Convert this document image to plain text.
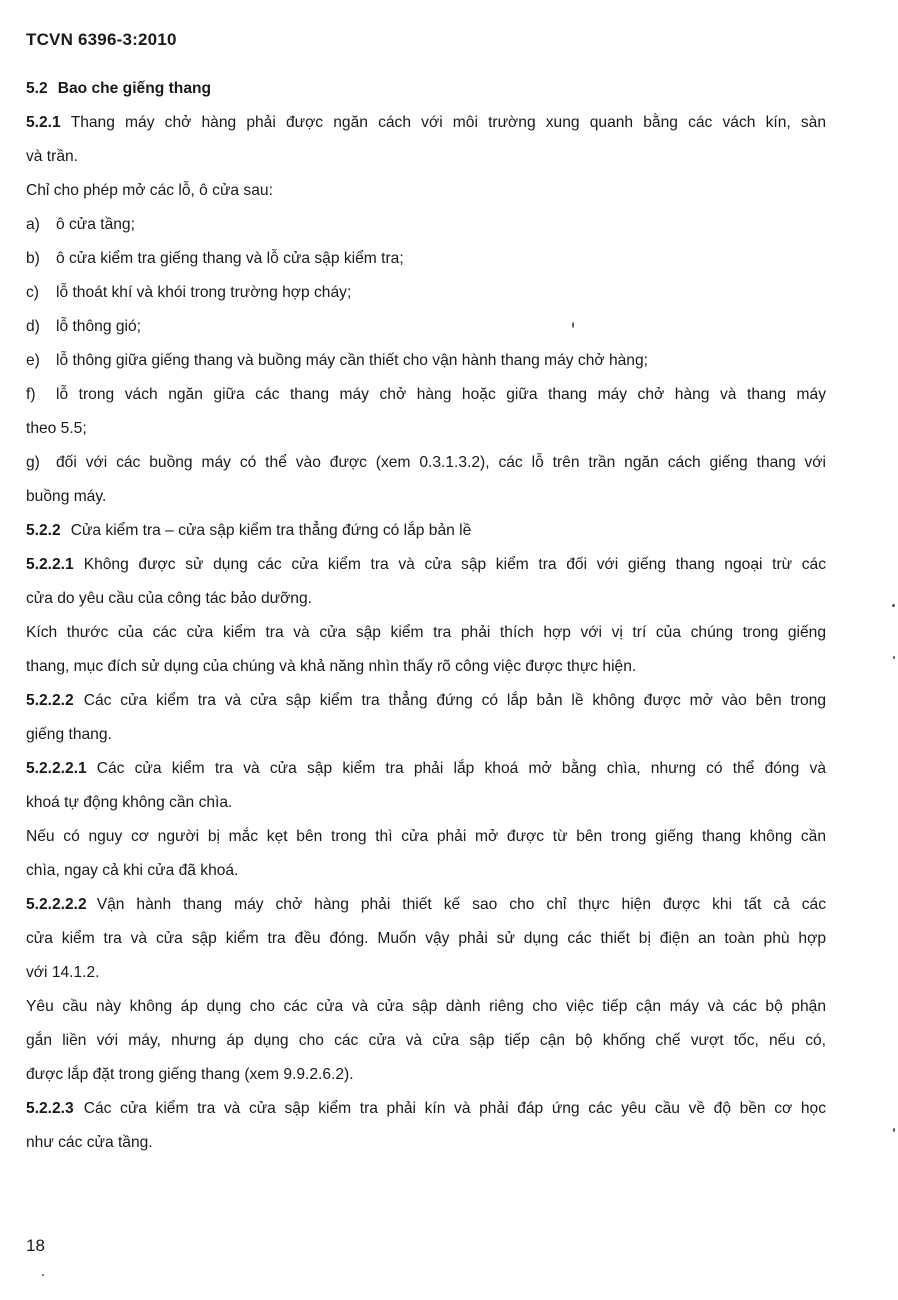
TCVN 6396-3:2010
5.2 Bao che giếng thang
5.2.1 Thang máy chở hàng phải được ngăn cách với môi trường xung quanh bằng các vách kín, sàn
và trần.
Chỉ cho phép mở các lỗ, ô cửa sau:
a) ô cửa tầng;
b) ô cửa kiểm tra giếng thang và lỗ cửa sập kiểm tra;
c) lỗ thoát khí và khói trong trường hợp cháy;
d) lỗ thông gió;
e) lỗ thông giữa giếng thang và buồng máy cần thiết cho vận hành thang máy chở hàng;
f) lỗ trong vách ngăn giữa các thang máy chở hàng hoặc giữa thang máy chở hàng và thang máy
theo 5.5;
g) đối với các buồng máy có thể vào được (xem 0.3.1.3.2), các lỗ trên trần ngăn cách giếng thang với
buồng máy.
5.2.2 Cửa kiểm tra – cửa sập kiểm tra thẳng đứng có lắp bản lề
5.2.2.1 Không được sử dụng các cửa kiểm tra và cửa sập kiểm tra đối với giếng thang ngoại trừ các
cửa do yêu cầu của công tác bảo dưỡng.
Kích thước của các cửa kiểm tra và cửa sập kiểm tra phải thích hợp với vị trí của chúng trong giếng
thang, mục đích sử dụng của chúng và khả năng nhìn thấy rõ công việc được thực hiện.
5.2.2.2 Các cửa kiểm tra và cửa sập kiểm tra thẳng đứng có lắp bản lề không được mở vào bên trong
giếng thang.
5.2.2.2.1 Các cửa kiểm tra và cửa sập kiểm tra phải lắp khoá mở bằng chìa, nhưng có thể đóng và
khoá tự động không cần chìa.
Nếu có nguy cơ người bị mắc kẹt bên trong thì cửa phải mở được từ bên trong giếng thang không cần
chìa, ngay cả khi cửa đã khoá.
5.2.2.2.2 Vận hành thang máy chở hàng phải thiết kế sao cho chỉ thực hiện được khi tất cả các
cửa kiểm tra và cửa sập kiểm tra đều đóng. Muốn vậy phải sử dụng các thiết bị điện an toàn phù hợp
với 14.1.2.
Yêu cầu này không áp dụng cho các cửa và cửa sập dành riêng cho việc tiếp cận máy và các bộ phận
gắn liền với máy, nhưng áp dụng cho các cửa và cửa sập tiếp cận bộ khống chế vượt tốc, nếu có,
được lắp đặt trong giếng thang (xem 9.9.2.6.2).
5.2.2.3 Các cửa kiểm tra và cửa sập kiểm tra phải kín và phải đáp ứng các yêu cầu về độ bền cơ học
như các cửa tầng.
18
